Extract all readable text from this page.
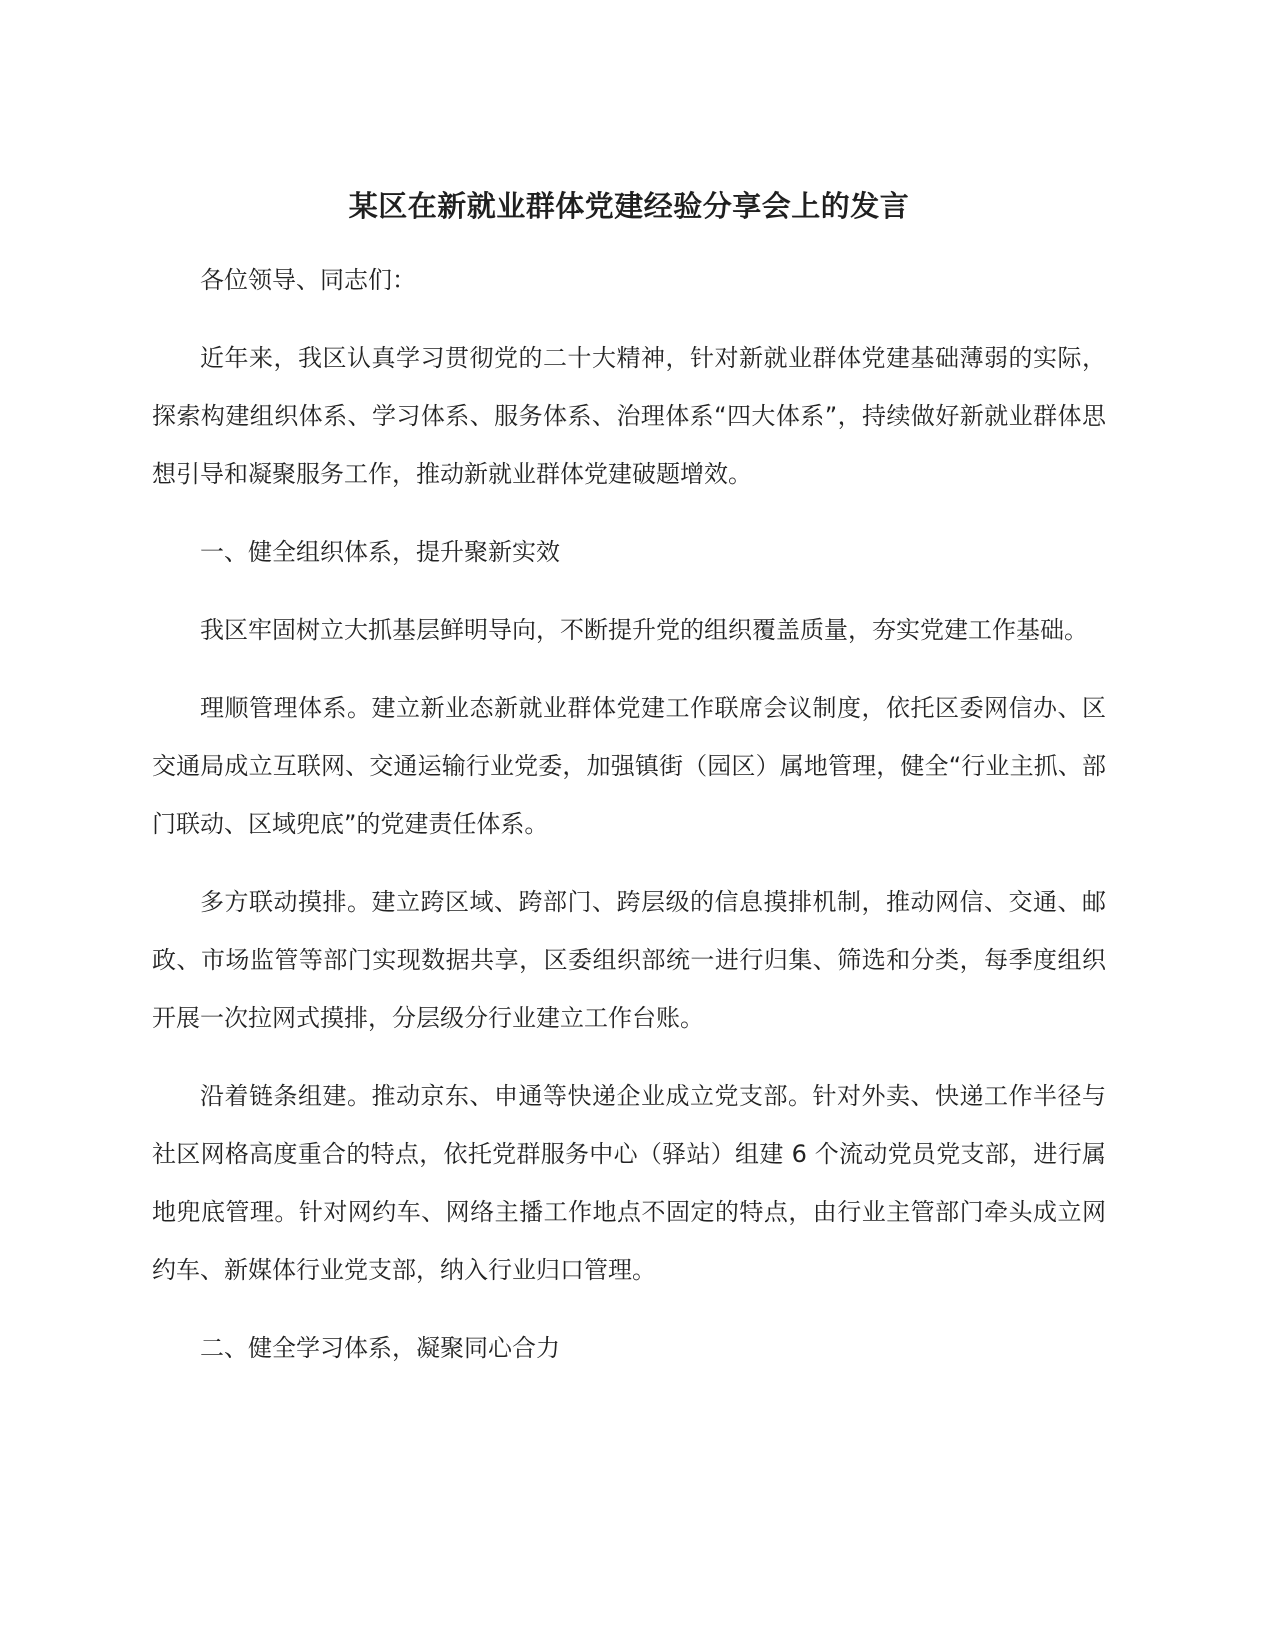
某区在新就业群体党建经验分享会上的发言

各位领导、同志们：

近年来，我区认真学习贯彻党的二十大精神，针对新就业群体党建基础薄弱的实际，探索构建组织体系、学习体系、服务体系、治理体系“四大体系”，持续做好新就业群体思想引导和凝聚服务工作，推动新就业群体党建破题增效。

一、健全组织体系，提升聚新实效

我区牢固树立大抓基层鲜明导向，不断提升党的组织覆盖质量，夯实党建工作基础。

理顺管理体系。建立新业态新就业群体党建工作联席会议制度，依托区委网信办、区交通局成立互联网、交通运输行业党委，加强镇街（园区）属地管理，健全“行业主抓、部门联动、区域兜底”的党建责任体系。

多方联动摸排。建立跨区域、跨部门、跨层级的信息摸排机制，推动网信、交通、邮政、市场监管等部门实现数据共享，区委组织部统一进行归集、筛选和分类，每季度组织开展一次拉网式摸排，分层级分行业建立工作台账。

沿着链条组建。推动京东、申通等快递企业成立党支部。针对外卖、快递工作半径与社区网格高度重合的特点，依托党群服务中心（驿站）组建 6 个流动党员党支部，进行属地兜底管理。针对网约车、网络主播工作地点不固定的特点，由行业主管部门牵头成立网约车、新媒体行业党支部，纳入行业归口管理。

二、健全学习体系，凝聚同心合力
